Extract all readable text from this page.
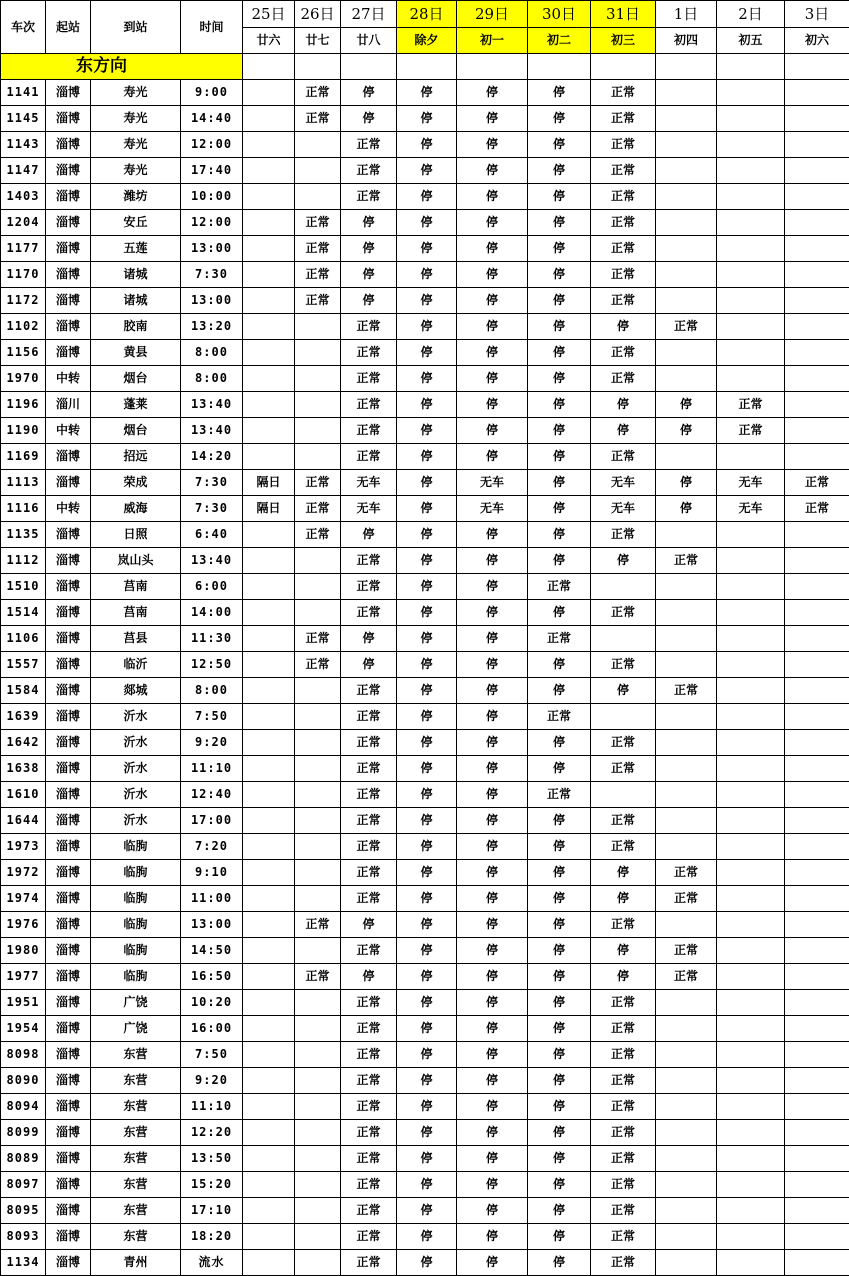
车次	起站	到站	时间	25日	26日	27日	28日	29日	30日	31日	1日	2日	3日
				廿六	廿七	廿八	除夕	初一	初二	初三	初四	初五	初六
东方向													
1141	淄博	寿光	9:00		正常	停	停	停	停	正常			
1145	淄博	寿光	14:40		正常	停	停	停	停	正常			
1143	淄博	寿光	12:00			正常	停	停	停	正常			
1147	淄博	寿光	17:40			正常	停	停	停	正常			
1403	淄博	潍坊	10:00			正常	停	停	停	正常			
1204	淄博	安丘	12:00		正常	停	停	停	停	正常			
1177	淄博	五莲	13:00		正常	停	停	停	停	正常			
1170	淄博	诸城	7:30		正常	停	停	停	停	正常			
1172	淄博	诸城	13:00		正常	停	停	停	停	正常			
1102	淄博	胶南	13:20			正常	停	停	停	停	正常		
1156	淄博	黄县	8:00			正常	停	停	停	正常			
1970	中转	烟台	8:00			正常	停	停	停	正常			
1196	淄川	蓬莱	13:40			正常	停	停	停	停	停	正常	
1190	中转	烟台	13:40			正常	停	停	停	停	停	正常	
1169	淄博	招远	14:20			正常	停	停	停	正常			
1113	淄博	荣成	7:30	隔日	正常	无车	停	无车	停	无车	停	无车	正常
1116	中转	威海	7:30	隔日	正常	无车	停	无车	停	无车	停	无车	正常
1135	淄博	日照	6:40		正常	停	停	停	停	正常			
1112	淄博	岚山头	13:40			正常	停	停	停	停	正常		
1510	淄博	莒南	6:00			正常	停	停	正常				
1514	淄博	莒南	14:00			正常	停	停	停	正常			
1106	淄博	莒县	11:30		正常	停	停	停	正常				
1557	淄博	临沂	12:50		正常	停	停	停	停	正常			
1584	淄博	郯城	8:00			正常	停	停	停	停	正常		
1639	淄博	沂水	7:50			正常	停	停	正常				
1642	淄博	沂水	9:20			正常	停	停	停	正常			
1638	淄博	沂水	11:10			正常	停	停	停	正常			
1610	淄博	沂水	12:40			正常	停	停	正常				
1644	淄博	沂水	17:00			正常	停	停	停	正常			
1973	淄博	临朐	7:20			正常	停	停	停	正常			
1972	淄博	临朐	9:10			正常	停	停	停	停	正常		
1974	淄博	临朐	11:00			正常	停	停	停	停	正常		
1976	淄博	临朐	13:00		正常	停	停	停	停	正常			
1980	淄博	临朐	14:50			正常	停	停	停	停	正常		
1977	淄博	临朐	16:50		正常	停	停	停	停	停	正常		
1951	淄博	广饶	10:20			正常	停	停	停	正常			
1954	淄博	广饶	16:00			正常	停	停	停	正常			
8098	淄博	东营	7:50			正常	停	停	停	正常			
8090	淄博	东营	9:20			正常	停	停	停	正常			
8094	淄博	东营	11:10			正常	停	停	停	正常			
8099	淄博	东营	12:20			正常	停	停	停	正常			
8089	淄博	东营	13:50			正常	停	停	停	正常			
8097	淄博	东营	15:20			正常	停	停	停	正常			
8095	淄博	东营	17:10			正常	停	停	停	正常			
8093	淄博	东营	18:20			正常	停	停	停	正常			
1134	淄博	青州	流水			正常	停	停	停	正常			
